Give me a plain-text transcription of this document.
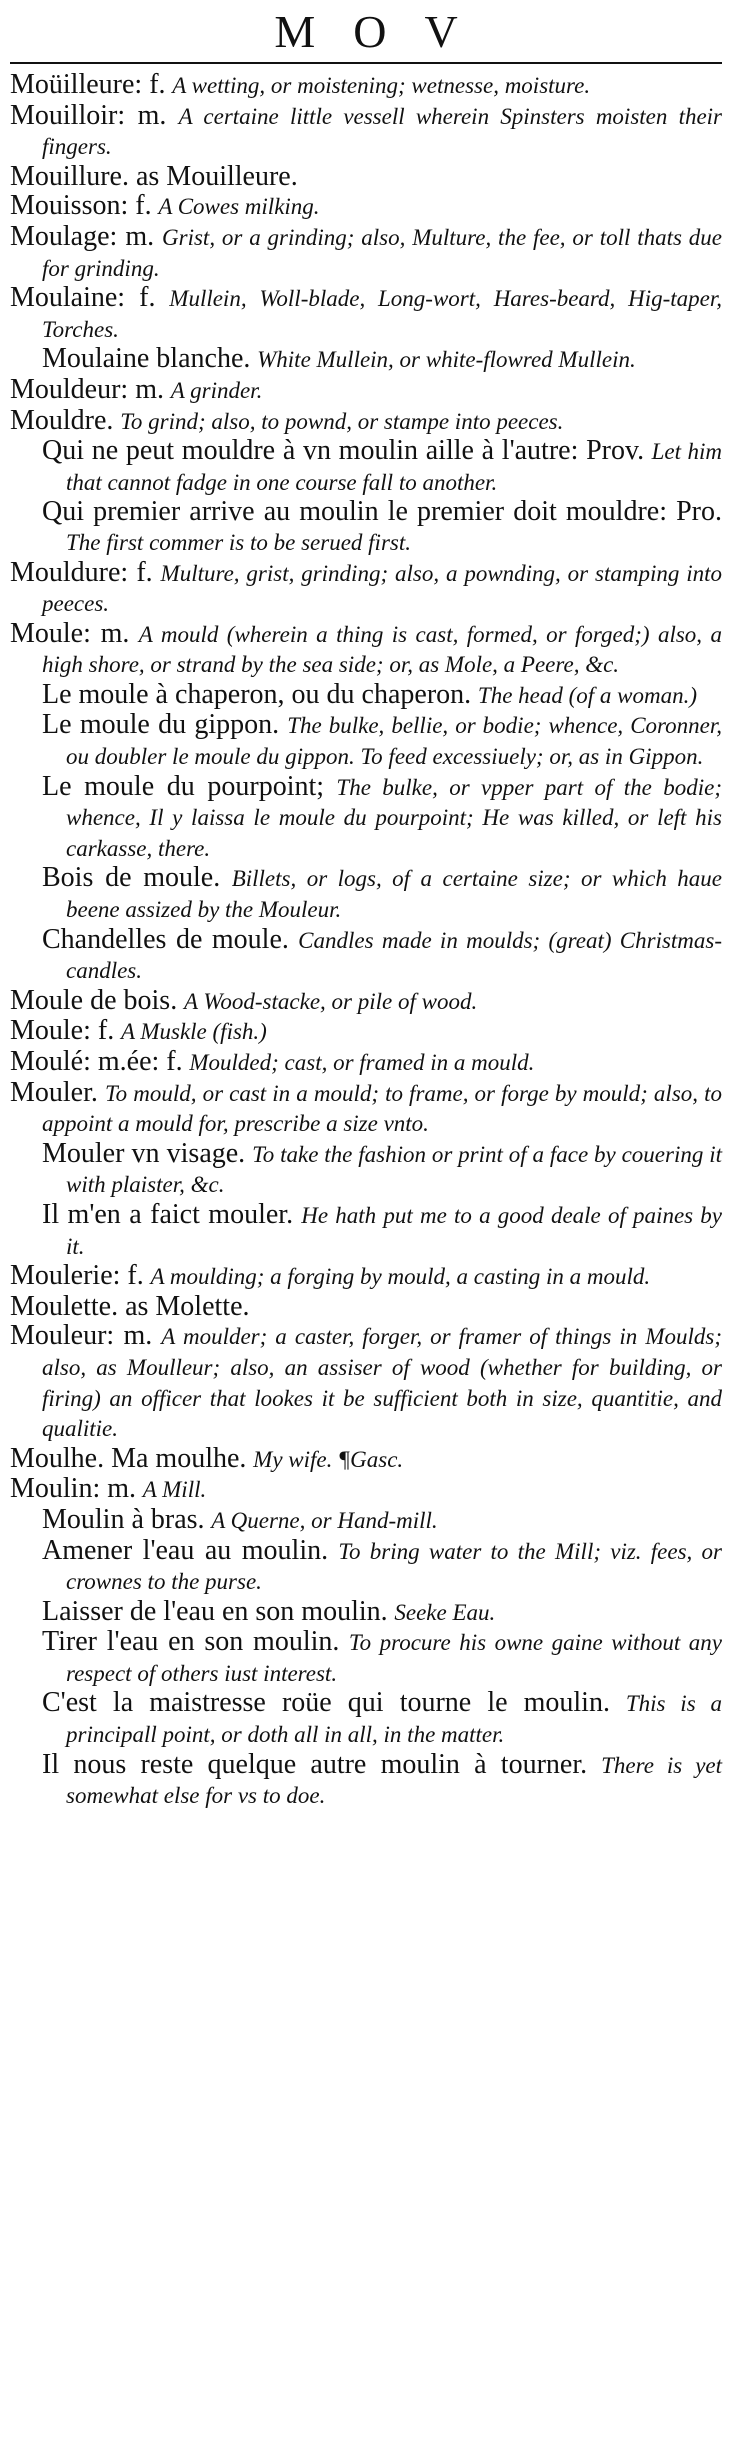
MOV

Moüilleure: f. A wetting, or moistening; wetnesse, moisture.

Mouilloir: m. A certaine little vessell wherein Spinsters moisten their fingers.

Mouillure. as Mouilleure.

Mouisson: f. A Cowes milking.

Moulage: m. Grist, or a grinding; also, Multure, the fee, or toll thats due for grinding.

Moulaine: f. Mullein, Woll-blade, Long-wort, Hares-beard, Hig-taper, Torches.

Moulaine blanche. White Mullein, or white-flowred Mullein.

Mouldeur: m. A grinder.

Mouldre. To grind; also, to pownd, or stampe into peeces.

Qui ne peut mouldre à vn moulin aille à l'autre: Prov. Let him that cannot fadge in one course fall to another.

Qui premier arrive au moulin le premier doit mouldre: Pro. The first commer is to be serued first.

Mouldure: f. Multure, grist, grinding; also, a pownding, or stamping into peeces.

Moule: m. A mould (wherein a thing is cast, formed, or forged;) also, a high shore, or strand by the sea side; or, as Mole, a Peere, &c.

Le moule à chaperon, ou du chaperon. The head (of a woman.)

Le moule du gippon. The bulke, bellie, or bodie; whence, Coronner, ou doubler le moule du gippon. To feed excessiuely; or, as in Gippon.

Le moule du pourpoint; The bulke, or vpper part of the bodie; whence, Il y laissa le moule du pourpoint; He was killed, or left his carkasse, there.

Bois de moule. Billets, or logs, of a certaine size; or which haue beene assized by the Mouleur.

Chandelles de moule. Candles made in moulds; (great) Christmas-candles.

Moule de bois. A Wood-stacke, or pile of wood.

Moule: f. A Muskle (fish.)

Moulé: m.ée: f. Moulded; cast, or framed in a mould.

Mouler. To mould, or cast in a mould; to frame, or forge by mould; also, to appoint a mould for, prescribe a size vnto.

Mouler vn visage. To take the fashion or print of a face by couering it with plaister, &c.

Il m'en a faict mouler. He hath put me to a good deale of paines by it.

Moulerie: f. A moulding; a forging by mould, a casting in a mould.

Moulette. as Molette.

Mouleur: m. A moulder; a caster, forger, or framer of things in Moulds; also, as Moulleur; also, an assiser of wood (whether for building, or firing) an officer that lookes it be sufficient both in size, quantitie, and qualitie.

Moulhe. Ma moulhe. My wife. ¶Gasc.

Moulin: m. A Mill.

Moulin à bras. A Querne, or Hand-mill.

Amener l'eau au moulin. To bring water to the Mill; viz. fees, or crownes to the purse.

Laisser de l'eau en son moulin. Seeke Eau.

Tirer l'eau en son moulin. To procure his owne gaine without any respect of others iust interest.

C'est la maistresse roüe qui tourne le moulin. This is a principall point, or doth all in all, in the matter.

Il nous reste quelque autre moulin à tourner. There is yet somewhat else for vs to doe.
